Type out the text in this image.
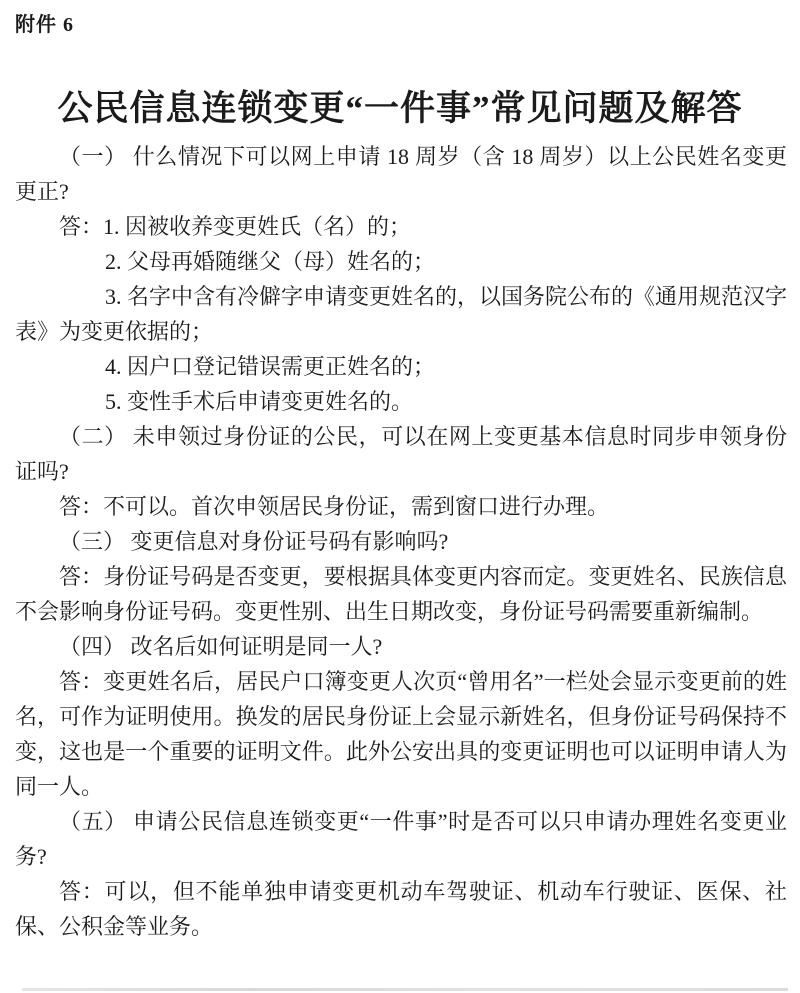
附件 6
公民信息连锁变更“一件事”常见问题及解答

（一） 什么情况下可以网上申请 18 周岁（含 18 周岁）以上公民姓名变更更正?

答：1. 因被收养变更姓氏（名）的；

2. 父母再婚随继父（母）姓名的；

3. 名字中含有冷僻字申请变更姓名的，以国务院公布的《通用规范汉字表》为变更依据的；

4. 因户口登记错误需更正姓名的；

5. 变性手术后申请变更姓名的。

（二） 未申领过身份证的公民，可以在网上变更基本信息时同步申领身份证吗?

答：不可以。首次申领居民身份证，需到窗口进行办理。

（三） 变更信息对身份证号码有影响吗?

答：身份证号码是否变更，要根据具体变更内容而定。变更姓名、民族信息不会影响身份证号码。变更性别、出生日期改变，身份证号码需要重新编制。

（四） 改名后如何证明是同一人?

答：变更姓名后，居民户口簿变更人次页“曾用名”一栏处会显示变更前的姓名，可作为证明使用。换发的居民身份证上会显示新姓名，但身份证号码保持不变，这也是一个重要的证明文件。此外公安出具的变更证明也可以证明申请人为同一人。

（五） 申请公民信息连锁变更“一件事”时是否可以只申请办理姓名变更业务?

答：可以，但不能单独申请变更机动车驾驶证、机动车行驶证、医保、社保、公积金等业务。
